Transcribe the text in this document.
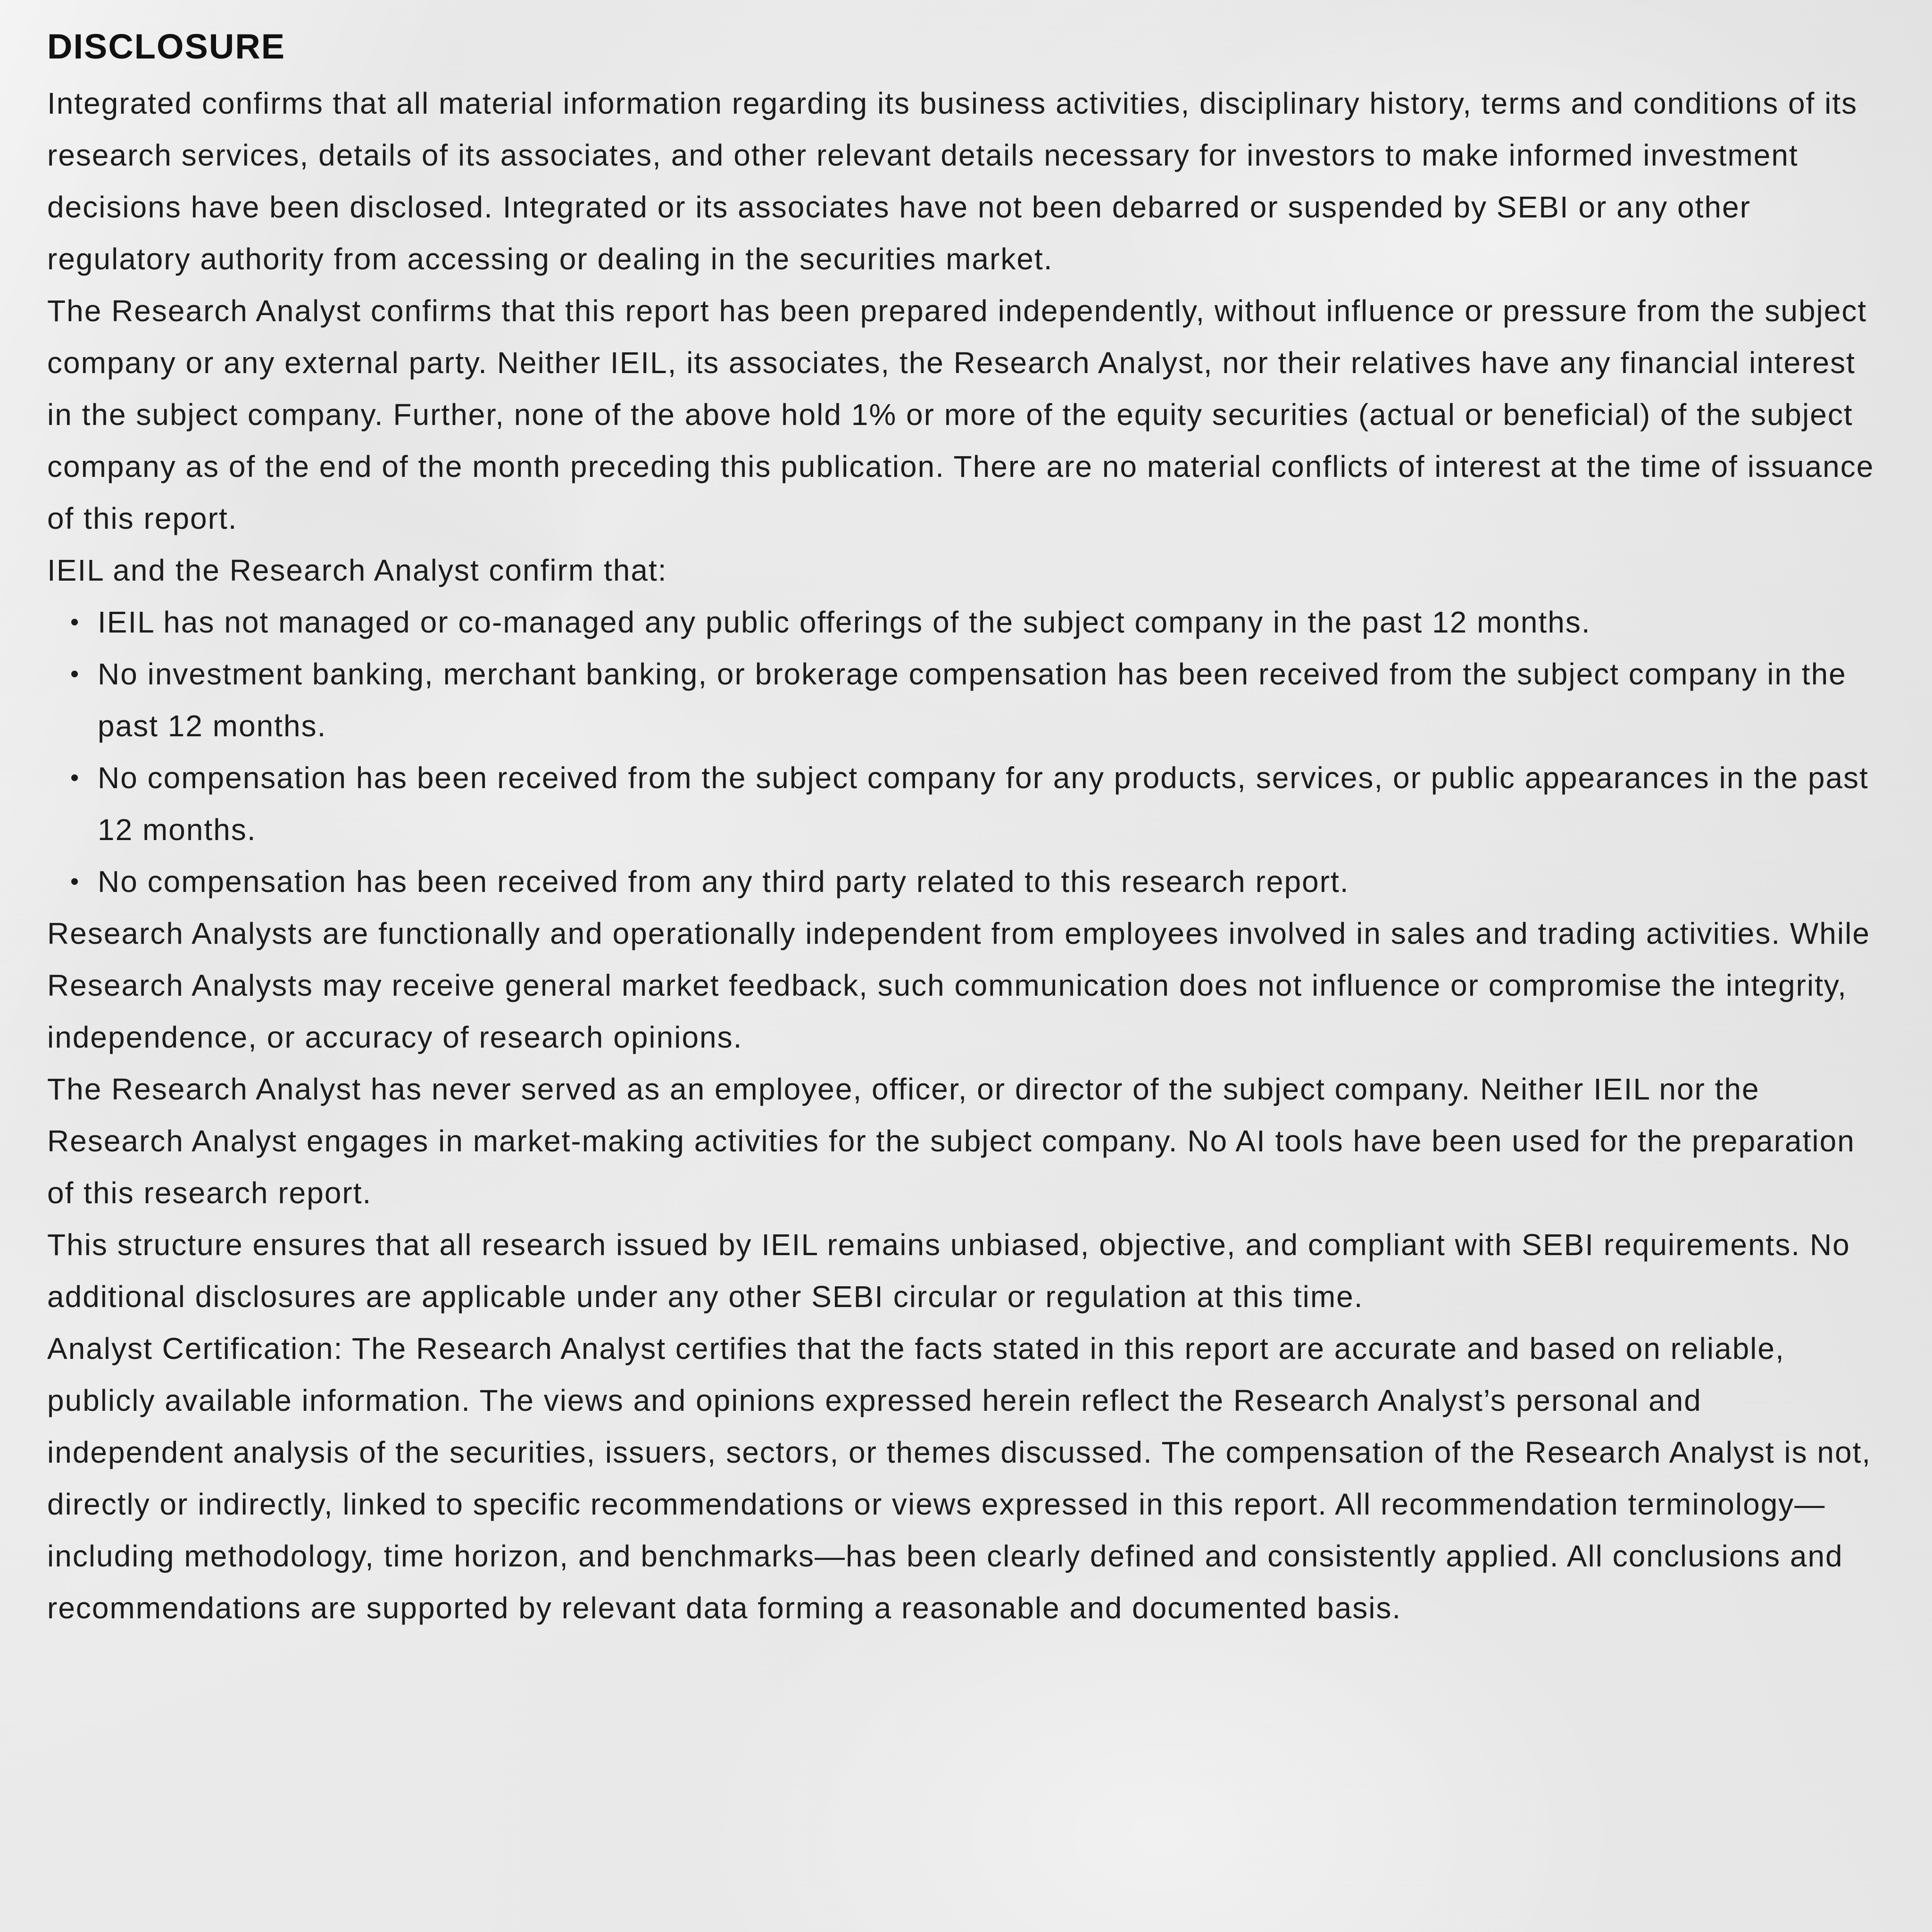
DISCLOSURE

Integrated confirms that all material information regarding its business activities, disciplinary history, terms and conditions of its research services, details of its associates, and other relevant details necessary for investors to make informed investment decisions have been disclosed. Integrated or its associates have not been debarred or suspended by SEBI or any other regulatory authority from accessing or dealing in the securities market.

The Research Analyst confirms that this report has been prepared independently, without influence or pressure from the subject company or any external party. Neither IEIL, its associates, the Research Analyst, nor their relatives have any financial interest in the subject company. Further, none of the above hold 1% or more of the equity securities (actual or beneficial) of the subject company as of the end of the month preceding this publication. There are no material conflicts of interest at the time of issuance of this report.

IEIL and the Research Analyst confirm that:

• IEIL has not managed or co-managed any public offerings of the subject company in the past 12 months.
• No investment banking, merchant banking, or brokerage compensation has been received from the subject company in the past 12 months.
• No compensation has been received from the subject company for any products, services, or public appearances in the past 12 months.
• No compensation has been received from any third party related to this research report.

Research Analysts are functionally and operationally independent from employees involved in sales and trading activities. While Research Analysts may receive general market feedback, such communication does not influence or compromise the integrity, independence, or accuracy of research opinions.

The Research Analyst has never served as an employee, officer, or director of the subject company. Neither IEIL nor the Research Analyst engages in market-making activities for the subject company. No AI tools have been used for the preparation of this research report.

This structure ensures that all research issued by IEIL remains unbiased, objective, and compliant with SEBI requirements. No additional disclosures are applicable under any other SEBI circular or regulation at this time.

Analyst Certification: The Research Analyst certifies that the facts stated in this report are accurate and based on reliable, publicly available information. The views and opinions expressed herein reflect the Research Analyst’s personal and independent analysis of the securities, issuers, sectors, or themes discussed. The compensation of the Research Analyst is not, directly or indirectly, linked to specific recommendations or views expressed in this report. All recommendation terminology—including methodology, time horizon, and benchmarks—has been clearly defined and consistently applied. All conclusions and recommendations are supported by relevant data forming a reasonable and documented basis.
